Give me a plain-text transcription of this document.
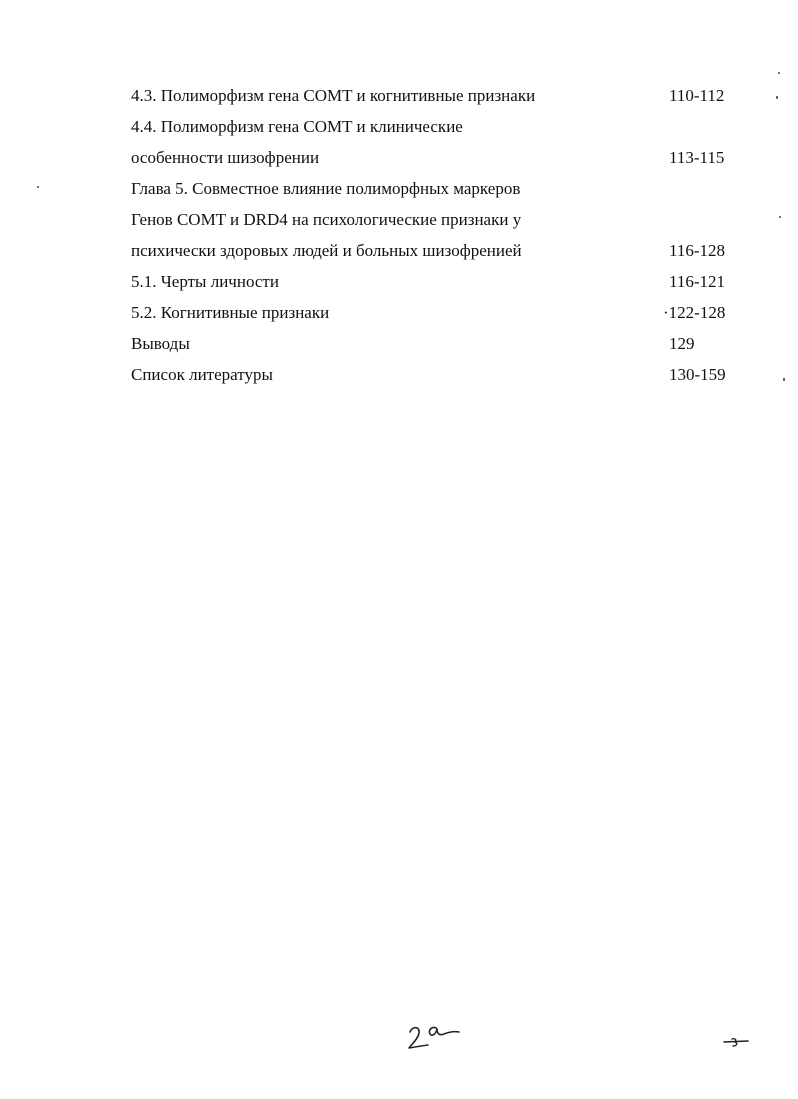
4.3. Полиморфизм гена COMT и когнитивные признаки	110-112
4.4. Полиморфизм гена COMT и клинические
особенности шизофрении	113-115
Глава 5. Совместное влияние полиморфных маркеров
Генов COMT и DRD4 на психологические признаки у
психически здоровых людей и больных шизофренией	116-128
5.1. Черты личности	116-121
5.2. Когнитивные признаки	·122-128
Выводы	129
Список литературы	130-159
